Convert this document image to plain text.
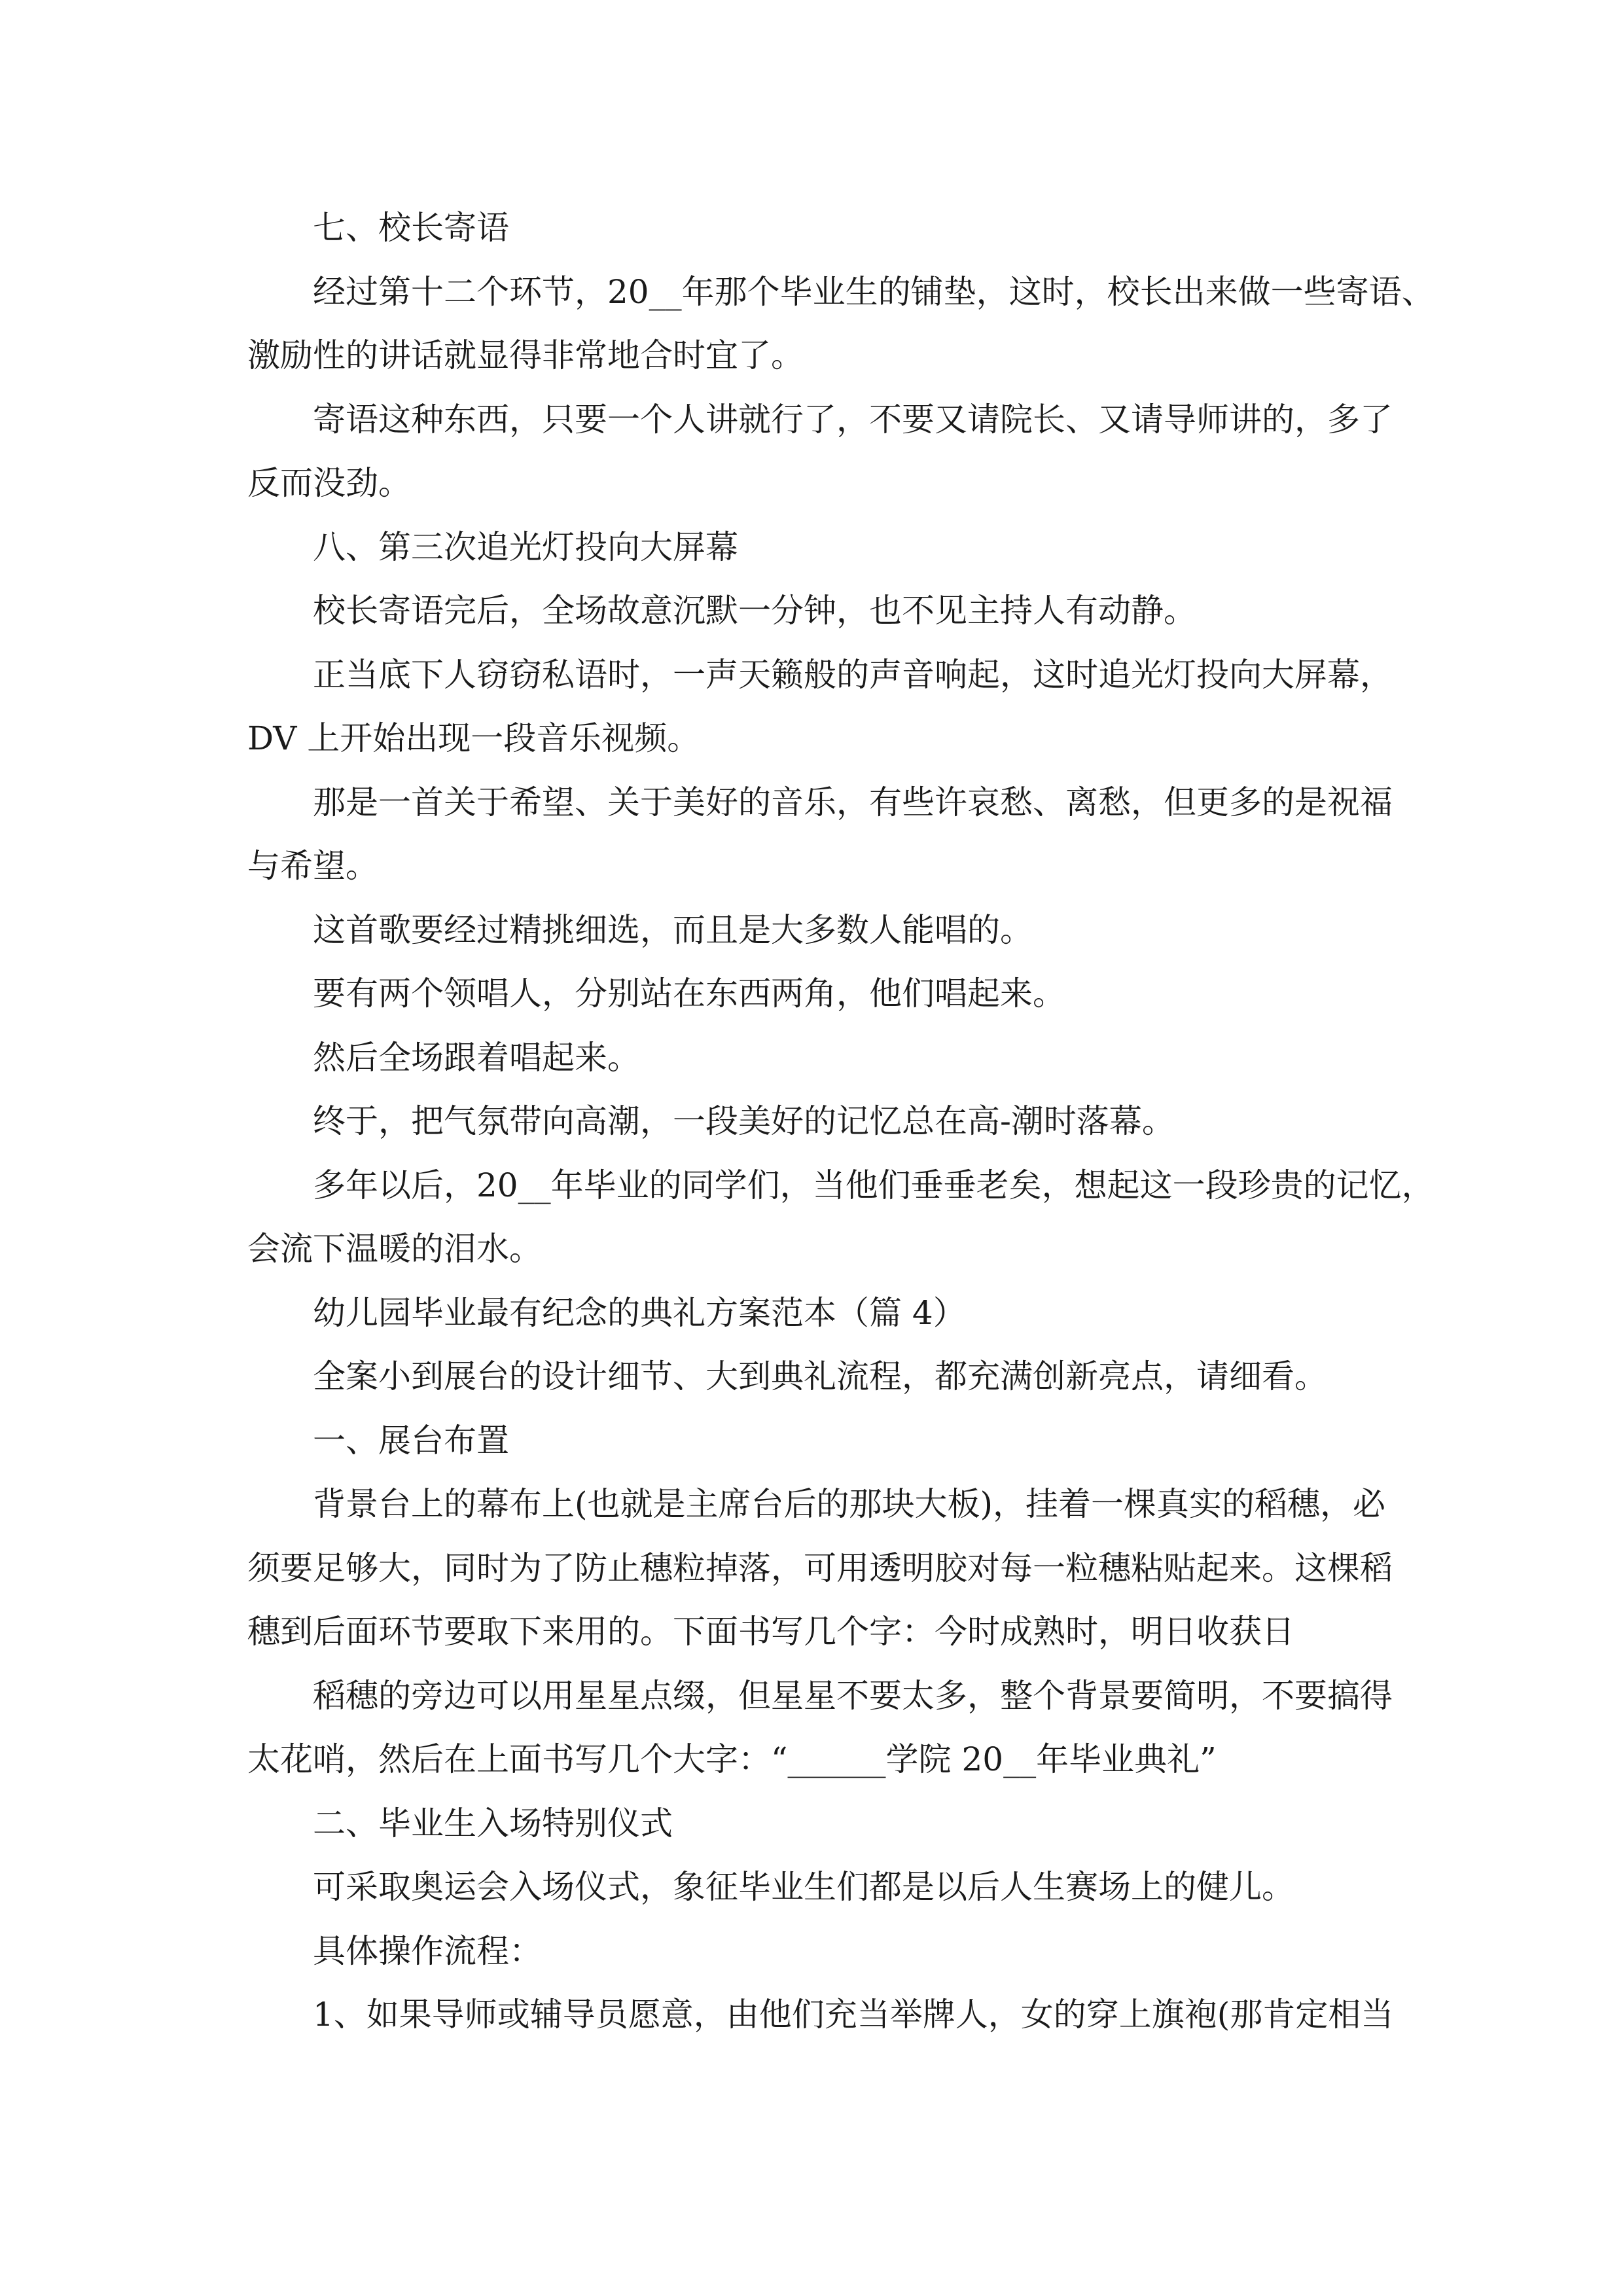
七、校长寄语

经过第十二个环节，20__年那个毕业生的铺垫，这时，校长出来做一些寄语、

激励性的讲话就显得非常地合时宜了。

寄语这种东西，只要一个人讲就行了，不要又请院长、又请导师讲的，多了

反而没劲。

八、第三次追光灯投向大屏幕

校长寄语完后，全场故意沉默一分钟，也不见主持人有动静。

正当底下人窃窃私语时，一声天籁般的声音响起，这时追光灯投向大屏幕，

DV 上开始出现一段音乐视频。

那是一首关于希望、关于美好的音乐，有些许哀愁、离愁，但更多的是祝福

与希望。

这首歌要经过精挑细选，而且是大多数人能唱的。

要有两个领唱人，分别站在东西两角，他们唱起来。

然后全场跟着唱起来。

终于，把气氛带向高潮，一段美好的记忆总在高-潮时落幕。

多年以后，20__年毕业的同学们，当他们垂垂老矣，想起这一段珍贵的记忆，

会流下温暖的泪水。

幼儿园毕业最有纪念的典礼方案范本（篇 4）

全案小到展台的设计细节、大到典礼流程，都充满创新亮点，请细看。

一、展台布置

背景台上的幕布上(也就是主席台后的那块大板)，挂着一棵真实的稻穗，必

须要足够大，同时为了防止穗粒掉落，可用透明胶对每一粒穗粘贴起来。这棵稻

穗到后面环节要取下来用的。下面书写几个字：今时成熟时，明日收获日

稻穗的旁边可以用星星点缀，但星星不要太多，整个背景要简明，不要搞得

太花哨，然后在上面书写几个大字：“______学院 20__年毕业典礼”

二、毕业生入场特别仪式

可采取奥运会入场仪式，象征毕业生们都是以后人生赛场上的健儿。

具体操作流程：

1、如果导师或辅导员愿意，由他们充当举牌人，女的穿上旗袍(那肯定相当
